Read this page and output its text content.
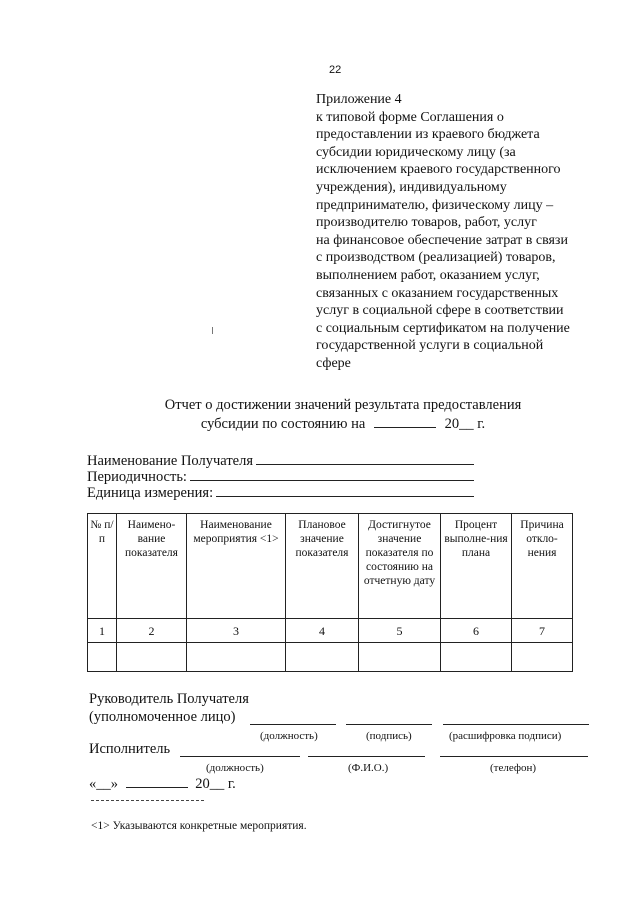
22
Приложение 4
к типовой форме Соглашения о
предоставлении из краевого бюджета
субсидии юридическому лицу (за
исключением краевого государственного
учреждения), индивидуальному
предпринимателю, физическому лицу –
производителю товаров, работ, услуг
на финансовое обеспечение затрат в связи
с производством (реализацией) товаров,
выполнением работ, оказанием услуг,
связанных с оказанием государственных
услуг в социальной сфере в соответствии
с социальным сертификатом на получение
государственной услуги в социальной
сфере
Отчет о достижении значений результата предоставления
субсидии по состоянию на	20__ г.
Наименование Получателя
Периодичность:
Единица измерения:
№ п/п	Наимено-вание показателя	Наименование мероприятия <1>	Плановое значение показателя	Достигнутое значение показателя по состоянию на отчетную дату	Процент выполне-ния плана	Причина откло-нения
1	2	3	4	5	6	7

Руководитель Получателя
(уполномоченное лицо)
(должность)	(подпись)	(расшифровка подписи)
Исполнитель
(должность)	(Ф.И.О.)	(телефон)
«__»	20__ г.
<1> Указываются конкретные мероприятия.
